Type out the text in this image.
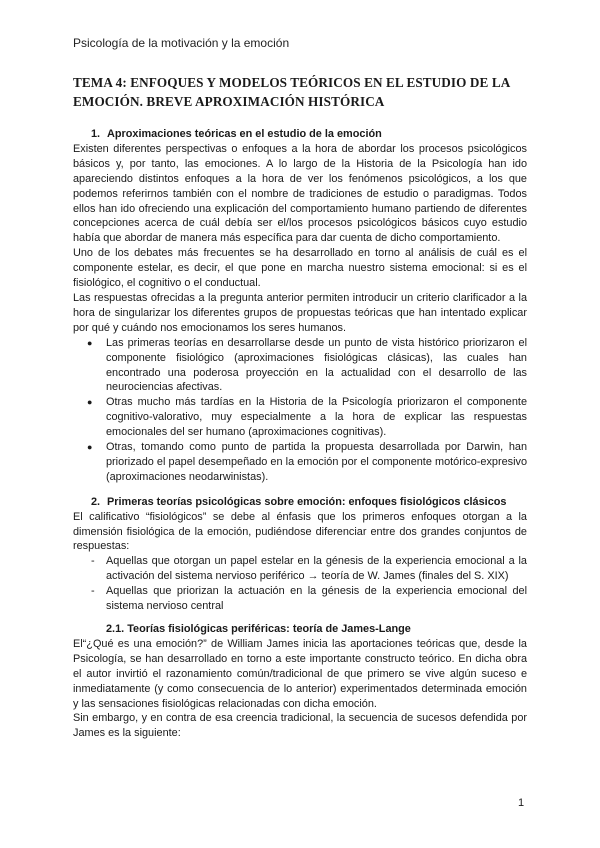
Psicología de la motivación y la emoción
TEMA 4: ENFOQUES Y MODELOS TEÓRICOS EN EL ESTUDIO DE LA EMOCIÓN. BREVE APROXIMACIÓN HISTÓRICA
1. Aproximaciones teóricas en el estudio de la emoción

Existen diferentes perspectivas o enfoques a la hora de abordar los procesos psicológicos básicos y, por tanto, las emociones. A lo largo de la Historia de la Psicología han ido apareciendo distintos enfoques a la hora de ver los fenómenos psicológicos, a los que podemos referirnos también con el nombre de tradiciones de estudio o paradigmas. Todos ellos han ido ofreciendo una explicación del comportamiento humano partiendo de diferentes concepciones acerca de cuál debía ser el/los procesos psicológicos básicos cuyo estudio había que abordar de manera más específica para dar cuenta de dicho comportamiento.

Uno de los debates más frecuentes se ha desarrollado en torno al análisis de cuál es el componente estelar, es decir, el que pone en marcha nuestro sistema emocional: si es el fisiológico, el cognitivo o el conductual.

Las respuestas ofrecidas a la pregunta anterior permiten introducir un criterio clarificador a la hora de singularizar los diferentes grupos de propuestas teóricas que han intentado explicar por qué y cuándo nos emocionamos los seres humanos.

● Las primeras teorías en desarrollarse desde un punto de vista histórico priorizaron el componente fisiológico (aproximaciones fisiológicas clásicas), las cuales han encontrado una poderosa proyección en la actualidad con el desarrollo de las neurociencias afectivas.
● Otras mucho más tardías en la Historia de la Psicología priorizaron el componente cognitivo-valorativo, muy especialmente a la hora de explicar las respuestas emocionales del ser humano (aproximaciones cognitivas).
● Otras, tomando como punto de partida la propuesta desarrollada por Darwin, han priorizado el papel desempeñado en la emoción por el componente motórico-expresivo (aproximaciones neodarwinistas).
2. Primeras teorías psicológicas sobre emoción: enfoques fisiológicos clásicos

El calificativo “fisiológicos” se debe al énfasis que los primeros enfoques otorgan a la dimensión fisiológica de la emoción, pudiéndose diferenciar entre dos grandes conjuntos de respuestas:

- Aquellas que otorgan un papel estelar en la génesis de la experiencia emocional a la activación del sistema nervioso periférico → teoría de W. James (finales del S. XIX)
- Aquellas que priorizan la actuación en la génesis de la experiencia emocional del sistema nervioso central
2.1. Teorías fisiológicas periféricas: teoría de James-Lange

El“¿Qué es una emoción?” de William James inicia las aportaciones teóricas que, desde la Psicología, se han desarrollado en torno a este importante constructo teórico. En dicha obra el autor invirtió el razonamiento común/tradicional de que primero se vive algún suceso e inmediatamente (y como consecuencia de lo anterior) experimentados determinada emoción y las sensaciones fisiológicas relacionadas con dicha emoción.

Sin embargo, y en contra de esa creencia tradicional, la secuencia de sucesos defendida por James es la siguiente:

1
